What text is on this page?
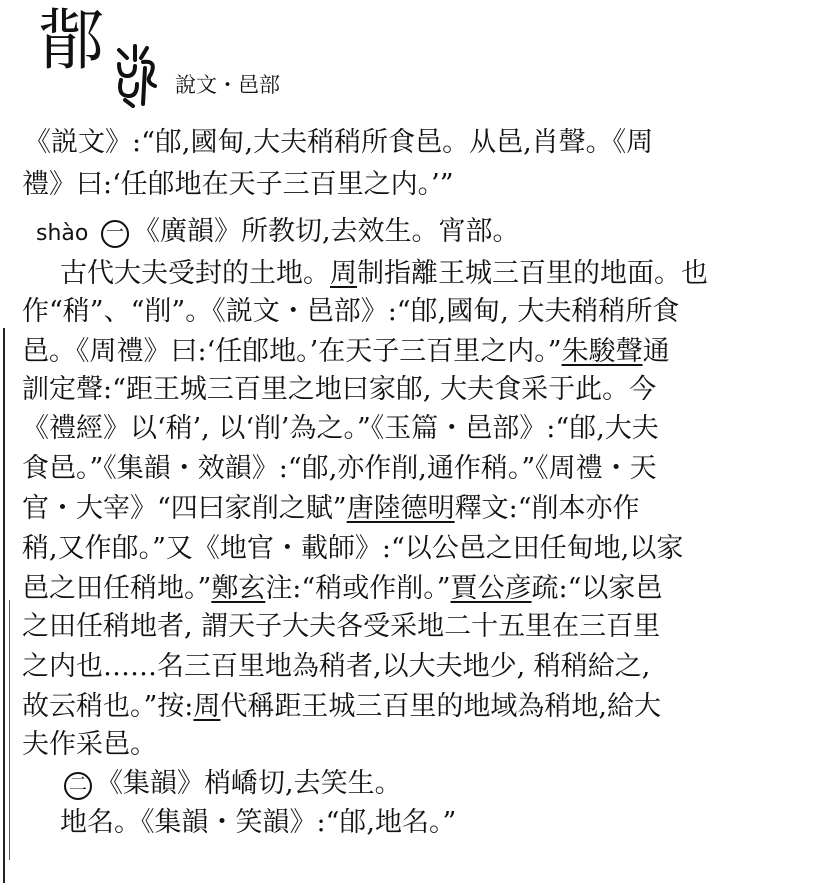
鄁
說文・邑部
《説文》:“郋,國甸,大夫稍稍所食邑。从邑,肖聲。《周
禮》曰:‘任郋地在天子三百里之内。’”
shào 一 《廣韻》所教切,去效生。宵部。
古代大夫受封的土地。周制指離王城三百里的地面。也
作“稍”、“削”。《説文・邑部》:“郋,國甸, 大夫稍稍所食
邑。《周禮》曰:‘任郋地。’在天子三百里之内。”朱駿聲通
訓定聲:“距王城三百里之地曰家郋, 大夫食采于此。今
《禮經》以‘稍’, 以‘削’為之。”《玉篇・邑部》:“郋,大夫
食邑。”《集韻・效韻》:“郋,亦作削,通作稍。”《周禮・天
官・大宰》“四曰家削之賦”唐陸德明釋文:“削本亦作
稍,又作郋。”又《地官・載師》:“以公邑之田任甸地,以家
邑之田任稍地。”鄭玄注:“稍或作削。”賈公彦疏:“以家邑
之田任稍地者, 謂天子大夫各受采地二十五里在三百里
之内也……名三百里地為稍者,以大夫地少, 稍稍給之,
故云稍也。”按:周代稱距王城三百里的地域為稍地,給大
夫作采邑。
二 《集韻》梢嶠切,去笑生。
地名。《集韻・笑韻》:“郋,地名。”
